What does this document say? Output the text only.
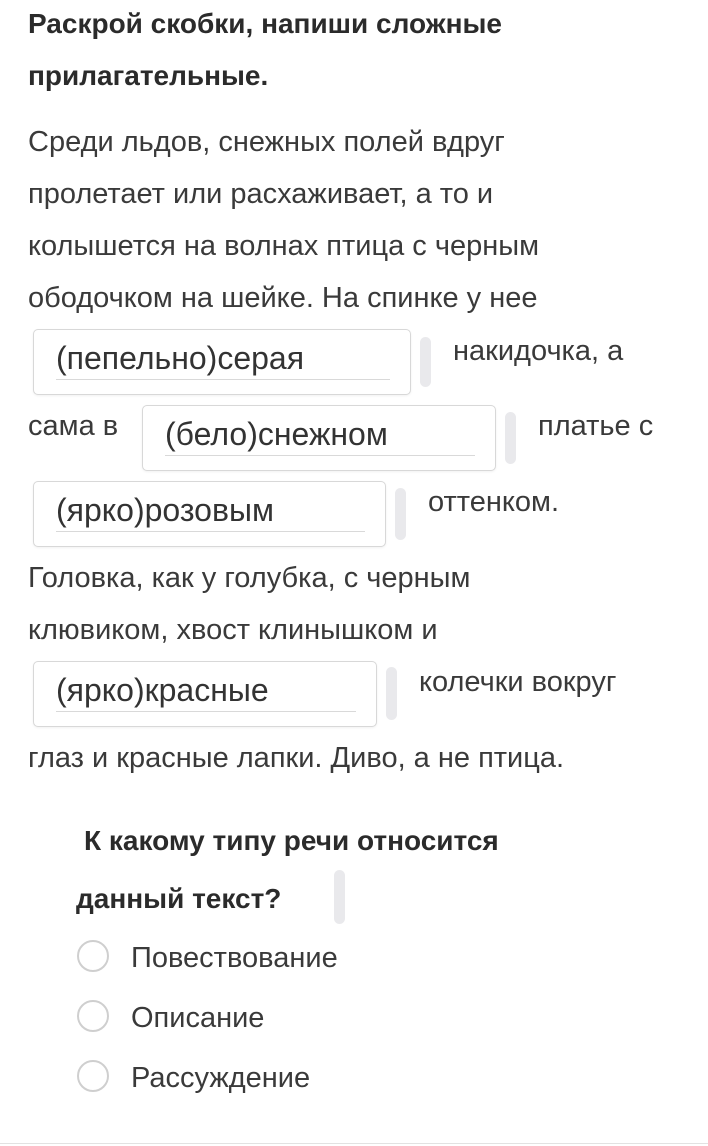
Раскрой скобки, напиши сложные
прилагательные.
Среди льдов, снежных полей вдруг
пролетает или расхаживает, а то и
колышется на волнах птица с черным
ободочком на шейке. На спинке у нее
(пепельно)серая	накидочка, а
сама в (бело)снежном	платье с
(ярко)розовым	оттенком.
Головка, как у голубка, с черным
клювиком, хвост клинышком и
(ярко)красные	колечки вокруг
глаз и красные лапки. Диво, а не птица.
К какому типу речи относится
данный текст?
Повествование
Описание
Рассуждение
